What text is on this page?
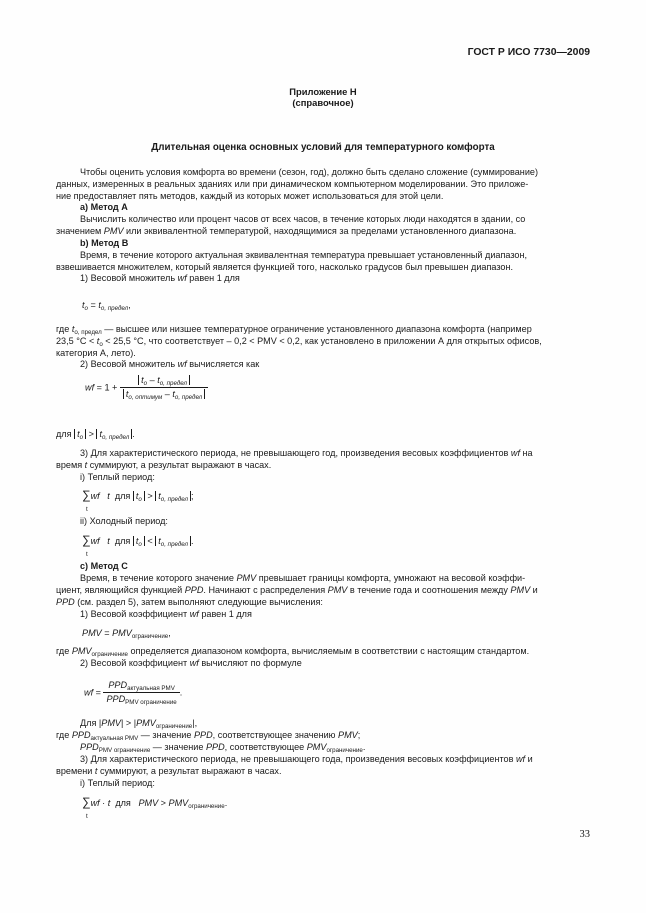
ГОСТ Р ИСО 7730—2009
Приложение Н
(справочное)
Длительная оценка основных условий для температурного комфорта
Чтобы оценить условия комфорта во времени (сезон, год), должно быть сделано сложение (суммирование)
данных, измеренных в реальных зданиях или при динамическом компьютерном моделировании. Это приложе-
ние предоставляет пять методов, каждый из которых может использоваться для этой цели.
а) Метод А
Вычислить количество или процент часов от всех часов, в течение которых люди находятся в здании, со
значением PMV или эквивалентной температурой, находящимися за пределами установленного диапазона.
b) Метод В
Время, в течение которого актуальная эквивалентная температура превышает установленный диапазон,
взвешивается множителем, который является функцией того, насколько градусов был превышен диапазон.
1) Весовой множитель wf равен 1 для
$t_o = t_{o, предел}$,
где $t_{o, предел}$ — высшее или низшее температурное ограничение установленного диапазона комфорта (например
23,5 $^\circ C < t_o < 25,5$ °C, что соответствует – 0,2 < PMV < 0,2, как установлено в приложении А для открытых офисов,
категория А, лето).
2) Весовой множитель wf вычисляется как
wf = $1 + \frac{t_o - t_{o, предел}}{t_{o, оптимум} - t_{o, предел}}$
для $t_o > t_{o, предел}$ .
3) Для характеристического периода, не превышающего год, произведения весовых коэффициентов wf на
время t суммируют, а результат выражают в часах.
i) Теплый период:
∑wf   t  для $t_o > t_{o, предел}$ ;
t
ii) Холодный период:
∑wf   t  для $t_o < t_{o, предел}$ .
t
c) Метод С
Время, в течение которого значение PMV превышает границы комфорта, умножают на весовой коэффи-
циент, являющийся функцией PPD. Начинают с распределения PMV в течение года и соотношения между PMV и
PPD (см. раздел 5), затем выполняют следующие вычисления:
1) Весовой коэффициент wf равен 1 для
PMV = $PMV_{ограничение}$,
где $PMV_{ограничение}$ определяется диапазоном комфорта, вычисляемым в соответствии с настоящим стандартом.
2) Весовой коэффициент wf вычисляют по формуле
wf = $\frac{PPD_{актуальная PMV}}{PPD_{PMV ограничение}}$ .
Для $|PMV| > |PMV_{ограничение}|$,
где $PPD_{актуальная PMV}$ — значение PPD, соответствующее значению PMV;
$PPD_{PMV ограничение}$ — значение PPD, соответствующее $PMV_{ограничение}$.
3) Для характеристического периода, не превышающего года, произведения весовых коэффициентов wf и
времени t суммируют, а результат выражают в часах.
i) Теплый период:
∑wf · t  для   PMV > $PMV_{ограничение}$.
t
33
